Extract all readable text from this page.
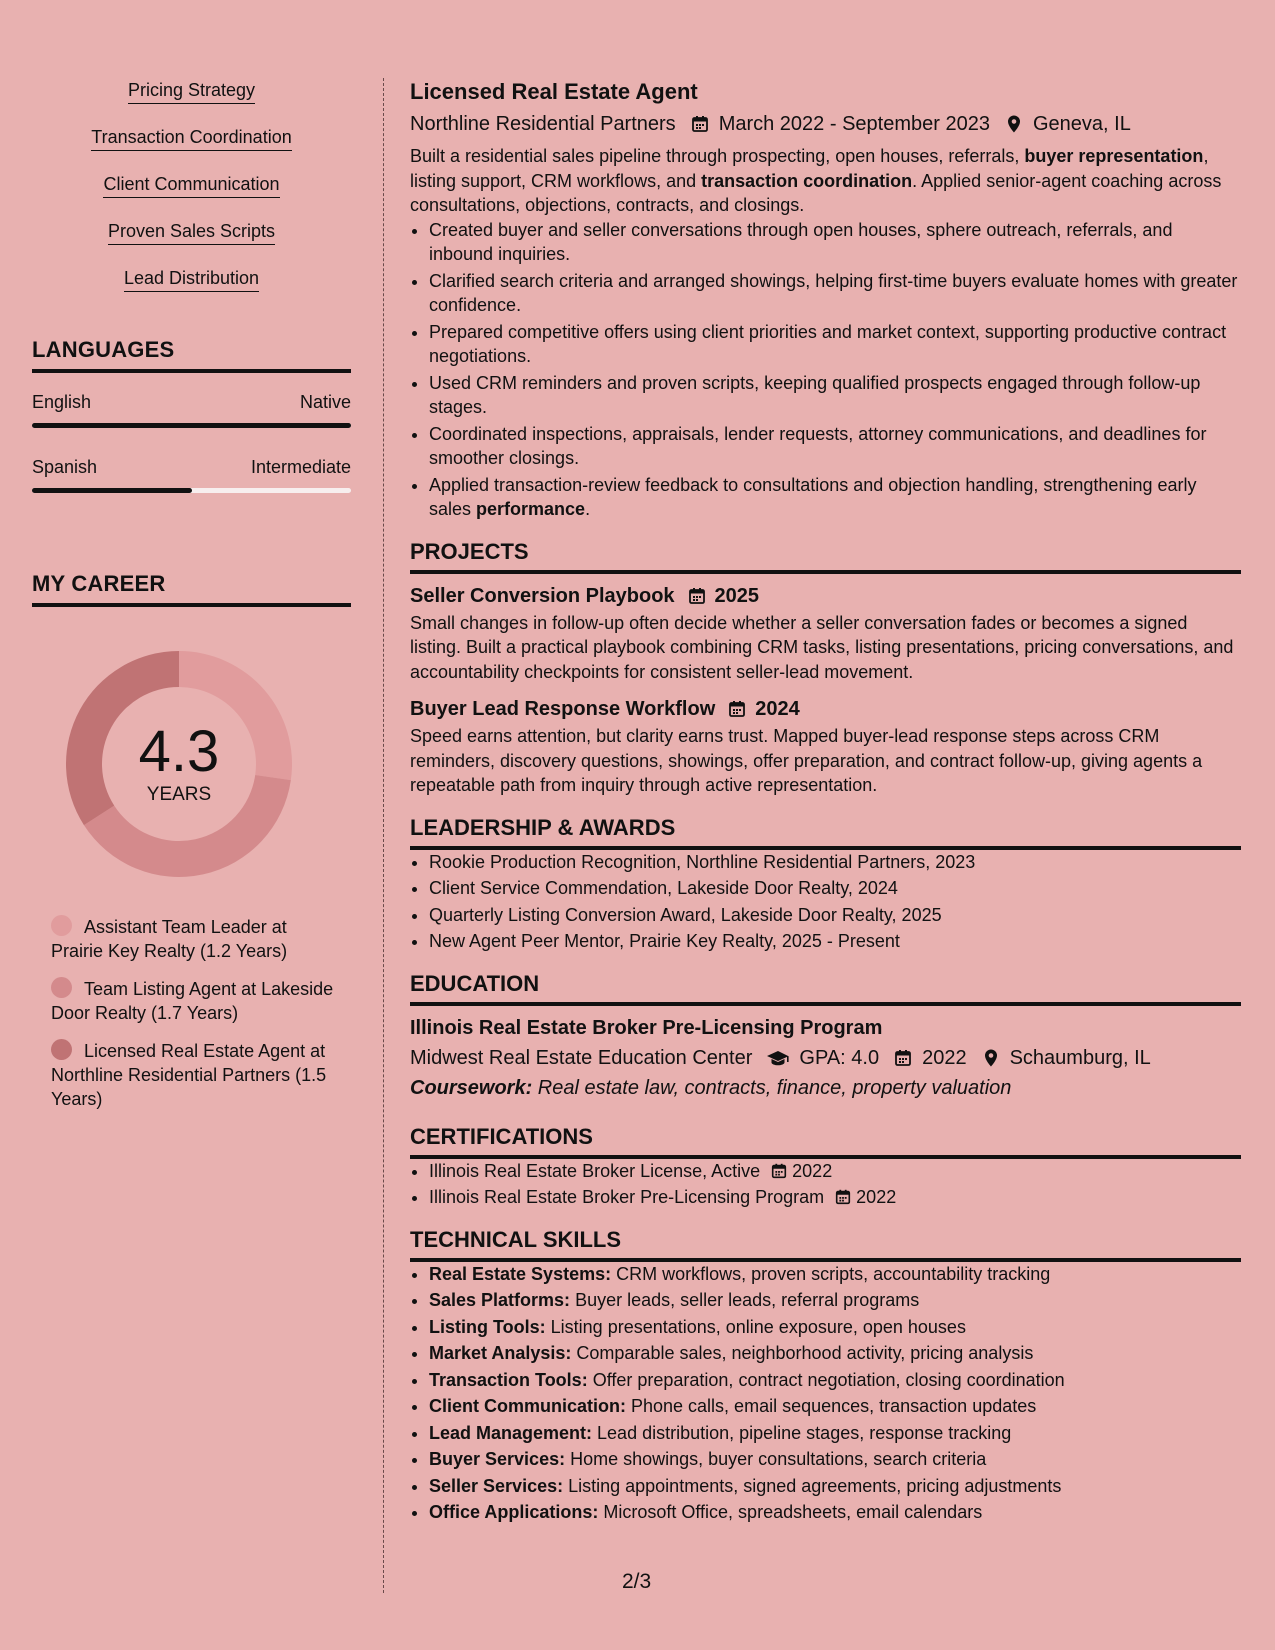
Pricing Strategy
Transaction Coordination
Client Communication
Proven Sales Scripts
Lead Distribution
LANGUAGES
English	Native
Spanish	Intermediate
MY CAREER
4.3
YEARS
Assistant Team Leader at Prairie Key Realty (1.2 Years)
Team Listing Agent at Lakeside Door Realty (1.7 Years)
Licensed Real Estate Agent at Northline Residential Partners (1.5 Years)
Licensed Real Estate Agent
Northline Residential Partners March 2022 - September 2023 Geneva, IL
Built a residential sales pipeline through prospecting, open houses, referrals, buyer representation, listing support, CRM workflows, and transaction coordination. Applied senior-agent coaching across consultations, objections, contracts, and closings.
• Created buyer and seller conversations through open houses, sphere outreach, referrals, and inbound inquiries.
• Clarified search criteria and arranged showings, helping first-time buyers evaluate homes with greater confidence.
• Prepared competitive offers using client priorities and market context, supporting productive contract negotiations.
• Used CRM reminders and proven scripts, keeping qualified prospects engaged through follow-up stages.
• Coordinated inspections, appraisals, lender requests, attorney communications, and deadlines for smoother closings.
• Applied transaction-review feedback to consultations and objection handling, strengthening early sales performance.
PROJECTS
Seller Conversion Playbook 2025
Small changes in follow-up often decide whether a seller conversation fades or becomes a signed listing. Built a practical playbook combining CRM tasks, listing presentations, pricing conversations, and accountability checkpoints for consistent seller-lead movement.
Buyer Lead Response Workflow 2024
Speed earns attention, but clarity earns trust. Mapped buyer-lead response steps across CRM reminders, discovery questions, showings, offer preparation, and contract follow-up, giving agents a repeatable path from inquiry through active representation.
LEADERSHIP & AWARDS
• Rookie Production Recognition, Northline Residential Partners, 2023
• Client Service Commendation, Lakeside Door Realty, 2024
• Quarterly Listing Conversion Award, Lakeside Door Realty, 2025
• New Agent Peer Mentor, Prairie Key Realty, 2025 - Present
EDUCATION
Illinois Real Estate Broker Pre-Licensing Program
Midwest Real Estate Education Center GPA: 4.0 2022 Schaumburg, IL
Coursework: Real estate law, contracts, finance, property valuation
CERTIFICATIONS
• Illinois Real Estate Broker License, Active 2022
• Illinois Real Estate Broker Pre-Licensing Program 2022
TECHNICAL SKILLS
• Real Estate Systems: CRM workflows, proven scripts, accountability tracking
• Sales Platforms: Buyer leads, seller leads, referral programs
• Listing Tools: Listing presentations, online exposure, open houses
• Market Analysis: Comparable sales, neighborhood activity, pricing analysis
• Transaction Tools: Offer preparation, contract negotiation, closing coordination
• Client Communication: Phone calls, email sequences, transaction updates
• Lead Management: Lead distribution, pipeline stages, response tracking
• Buyer Services: Home showings, buyer consultations, search criteria
• Seller Services: Listing appointments, signed agreements, pricing adjustments
• Office Applications: Microsoft Office, spreadsheets, email calendars
2/3
